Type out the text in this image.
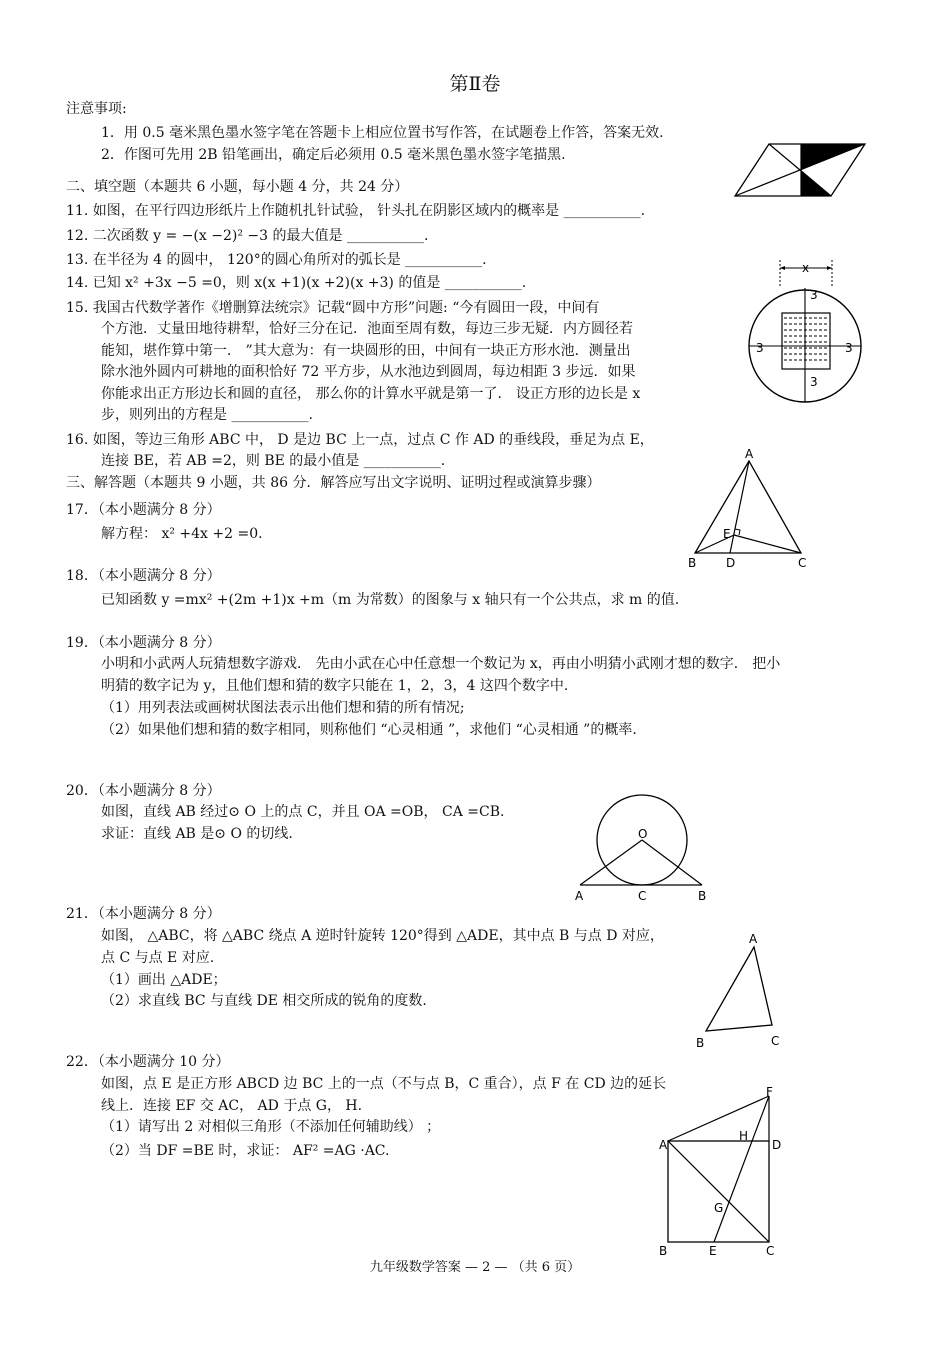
第Ⅱ卷
注意事项:
1．用 0.5 毫米黑色墨水签字笔在答题卡上相应位置书写作答，在试题卷上作答，答案无效.
2．作图可先用 2B 铅笔画出，确定后必须用 0.5 毫米黑色墨水签字笔描黑.
二、填空题（本题共 6 小题，每小题 4 分，共 24 分）
11. 如图，在平行四边形纸片上作随机扎针试验， 针头扎在阴影区域内的概率是 ___________.
12. 二次函数 y = −(x −2)² −3 的最大值是 ___________.
13. 在半径为 4 的圆中， 120°的圆心角所对的弧长是 ___________.
14. 已知 x² +3x −5 =0，则 x(x +1)(x +2)(x +3) 的值是 ___________.
15. 我国古代数学著作《增删算法统宗》记载“圆中方形”问题: “今有圆田一段，中间有
个方池．丈量田地待耕犁，恰好三分在记．池面至周有数，每边三步无疑．内方圆径若
能知，堪作算中第一． ”其大意为：有一块圆形的田，中间有一块正方形水池．测量出
除水池外圆内可耕地的面积恰好 72 平方步，从水池边到圆周，每边相距 3 步远．如果
你能求出正方形边长和圆的直径， 那么你的计算水平就是第一了． 设正方形的边长是 x
步，则列出的方程是 ___________.
16. 如图，等边三角形 ABC 中， D 是边 BC 上一点，过点 C 作 AD 的垂线段，垂足为点 E，
连接 BE，若 AB =2，则 BE 的最小值是 ___________.
三、解答题（本题共 9 小题，共 86 分．解答应写出文字说明、证明过程或演算步骤）
17．（本小题满分 8 分）
解方程： x² +4x +2 =0.
18．（本小题满分 8 分）
已知函数 y =mx² +(2m +1)x +m（m 为常数）的图象与 x 轴只有一个公共点，求 m 的值.
19．（本小题满分 8 分）
小明和小武两人玩猜想数字游戏． 先由小武在心中任意想一个数记为 x，再由小明猜小武刚才想的数字． 把小
明猜的数字记为 y，且他们想和猜的数字只能在 1，2，3，4 这四个数字中.
（1）用列表法或画树状图法表示出他们想和猜的所有情况;
（2）如果他们想和猜的数字相同，则称他们 “心灵相通 ”，求他们 “心灵相通 ”的概率.
20．（本小题满分 8 分）
如图，直线 AB 经过⊙ O 上的点 C，并且 OA =OB， CA =CB.
求证：直线 AB 是⊙ O 的切线.
21．（本小题满分 8 分）
如图， △ABC，将 △ABC 绕点 A 逆时针旋转 120°得到 △ADE，其中点 B 与点 D 对应，
点 C 与点 E 对应.
（1）画出 △ADE；
（2）求直线 BC 与直线 DE 相交所成的锐角的度数.
22．（本小题满分 10 分）
如图，点 E 是正方形 ABCD 边 BC 上的一点（不与点 B，C 重合），点 F 在 CD 边的延长
线上．连接 EF 交 AC， AD 于点 G， H.
（1）请写出 2 对相似三角形（不添加任何辅助线） ；
（2）当 DF =BE 时，求证： AF² =AG ·AC.
x
3
3
3	3
A
B D	C
E
O
A	C	B
A
B	C
F
A	D
H
G
B	E	C
九年级数学答案 — 2 — （共 6 页）
